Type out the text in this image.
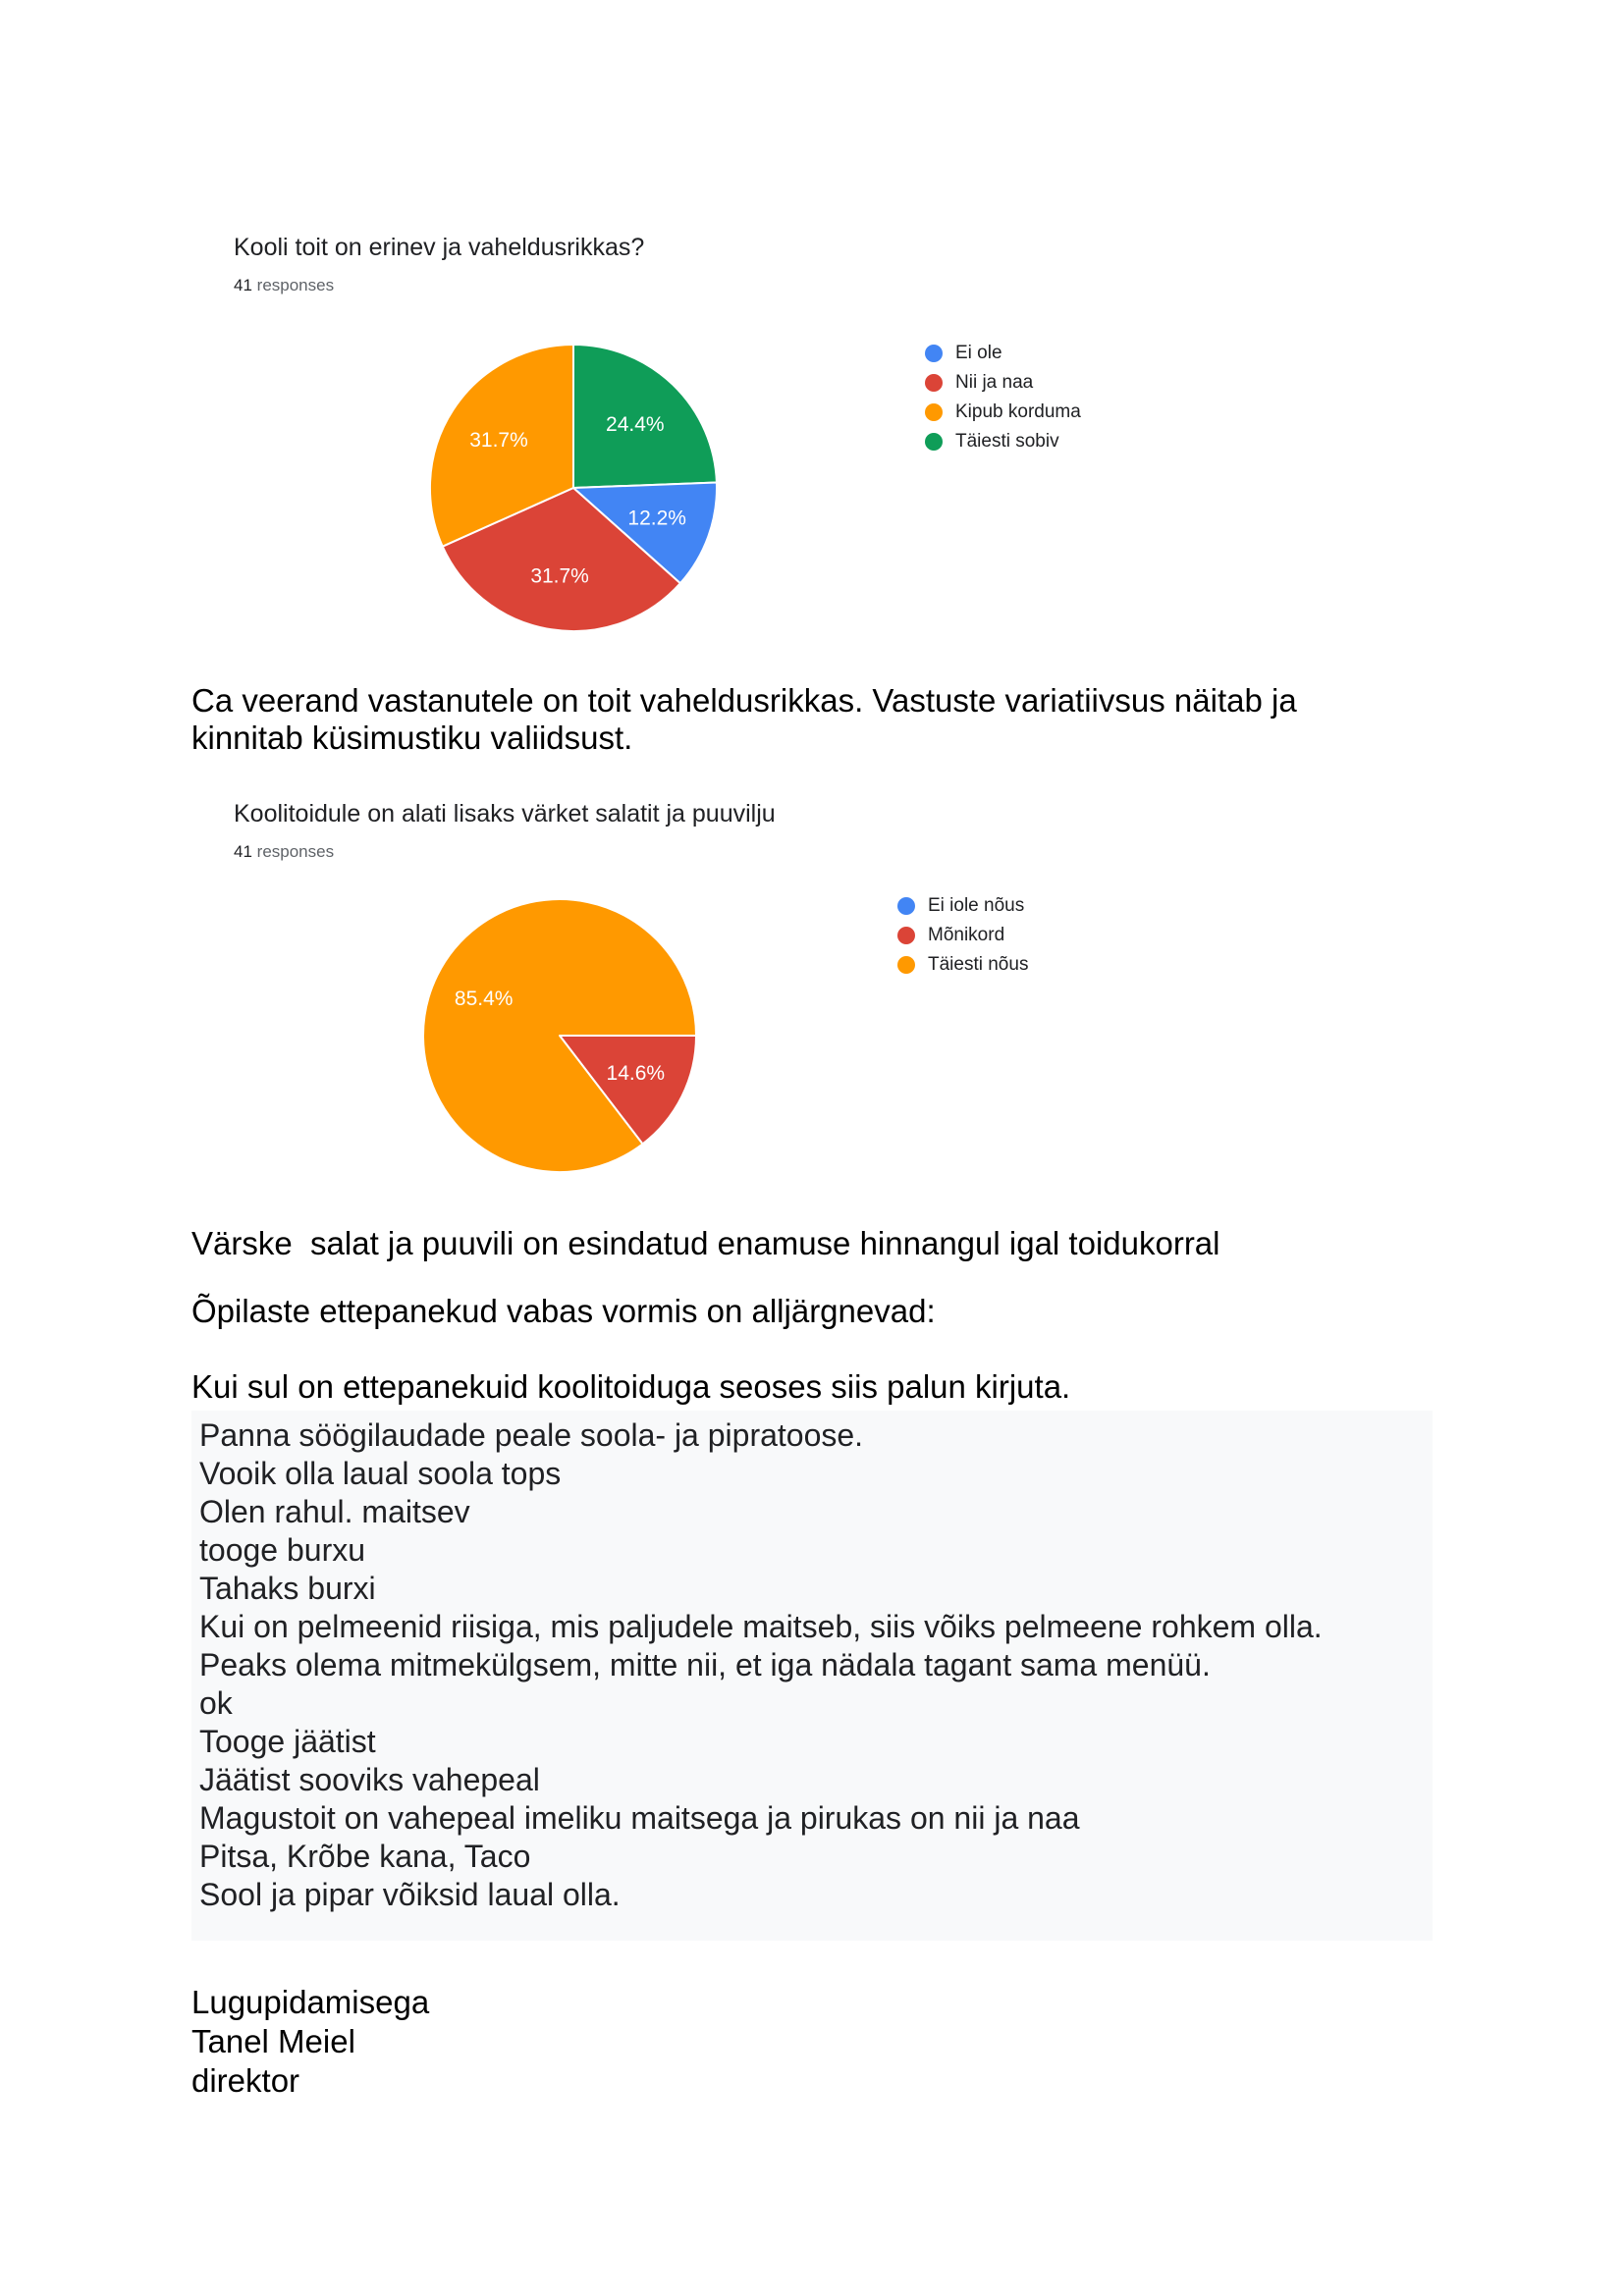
Kooli toit on erinev ja vaheldusrikkas?
41 responses
24.4%
12.2%
31.7%
31.7%
Ei ole
Nii ja naa
Kipub korduma
Täiesti sobiv
Ca veerand vastanutele on toit vaheldusrikkas. Vastuste variatiivsus näitab ja
kinnitab küsimustiku valiidsust.
Koolitoidule on alati lisaks värket salatit ja puuvilju
41 responses
14.6%
85.4%
Ei iole nõus
Mõnikord
Täiesti nõus
Värske  salat ja puuvili on esindatud enamuse hinnangul igal toidukorral
Õpilaste ettepanekud vabas vormis on alljärgnevad:
Kui sul on ettepanekuid koolitoiduga seoses siis palun kirjuta.
Panna söögilaudade peale soola- ja pipratoose.
Vooik olla laual soola tops
Olen rahul. maitsev
tooge burxu
Tahaks burxi
Kui on pelmeenid riisiga, mis paljudele maitseb, siis võiks pelmeene rohkem olla.
Peaks olema mitmekülgsem, mitte nii, et iga nädala tagant sama menüü.
ok
Tooge jäätist
Jäätist sooviks vahepeal
Magustoit on vahepeal imeliku maitsega ja pirukas on nii ja naa
Pitsa, Krõbe kana, Taco
Sool ja pipar võiksid laual olla.
Lugupidamisega
Tanel Meiel
direktor
